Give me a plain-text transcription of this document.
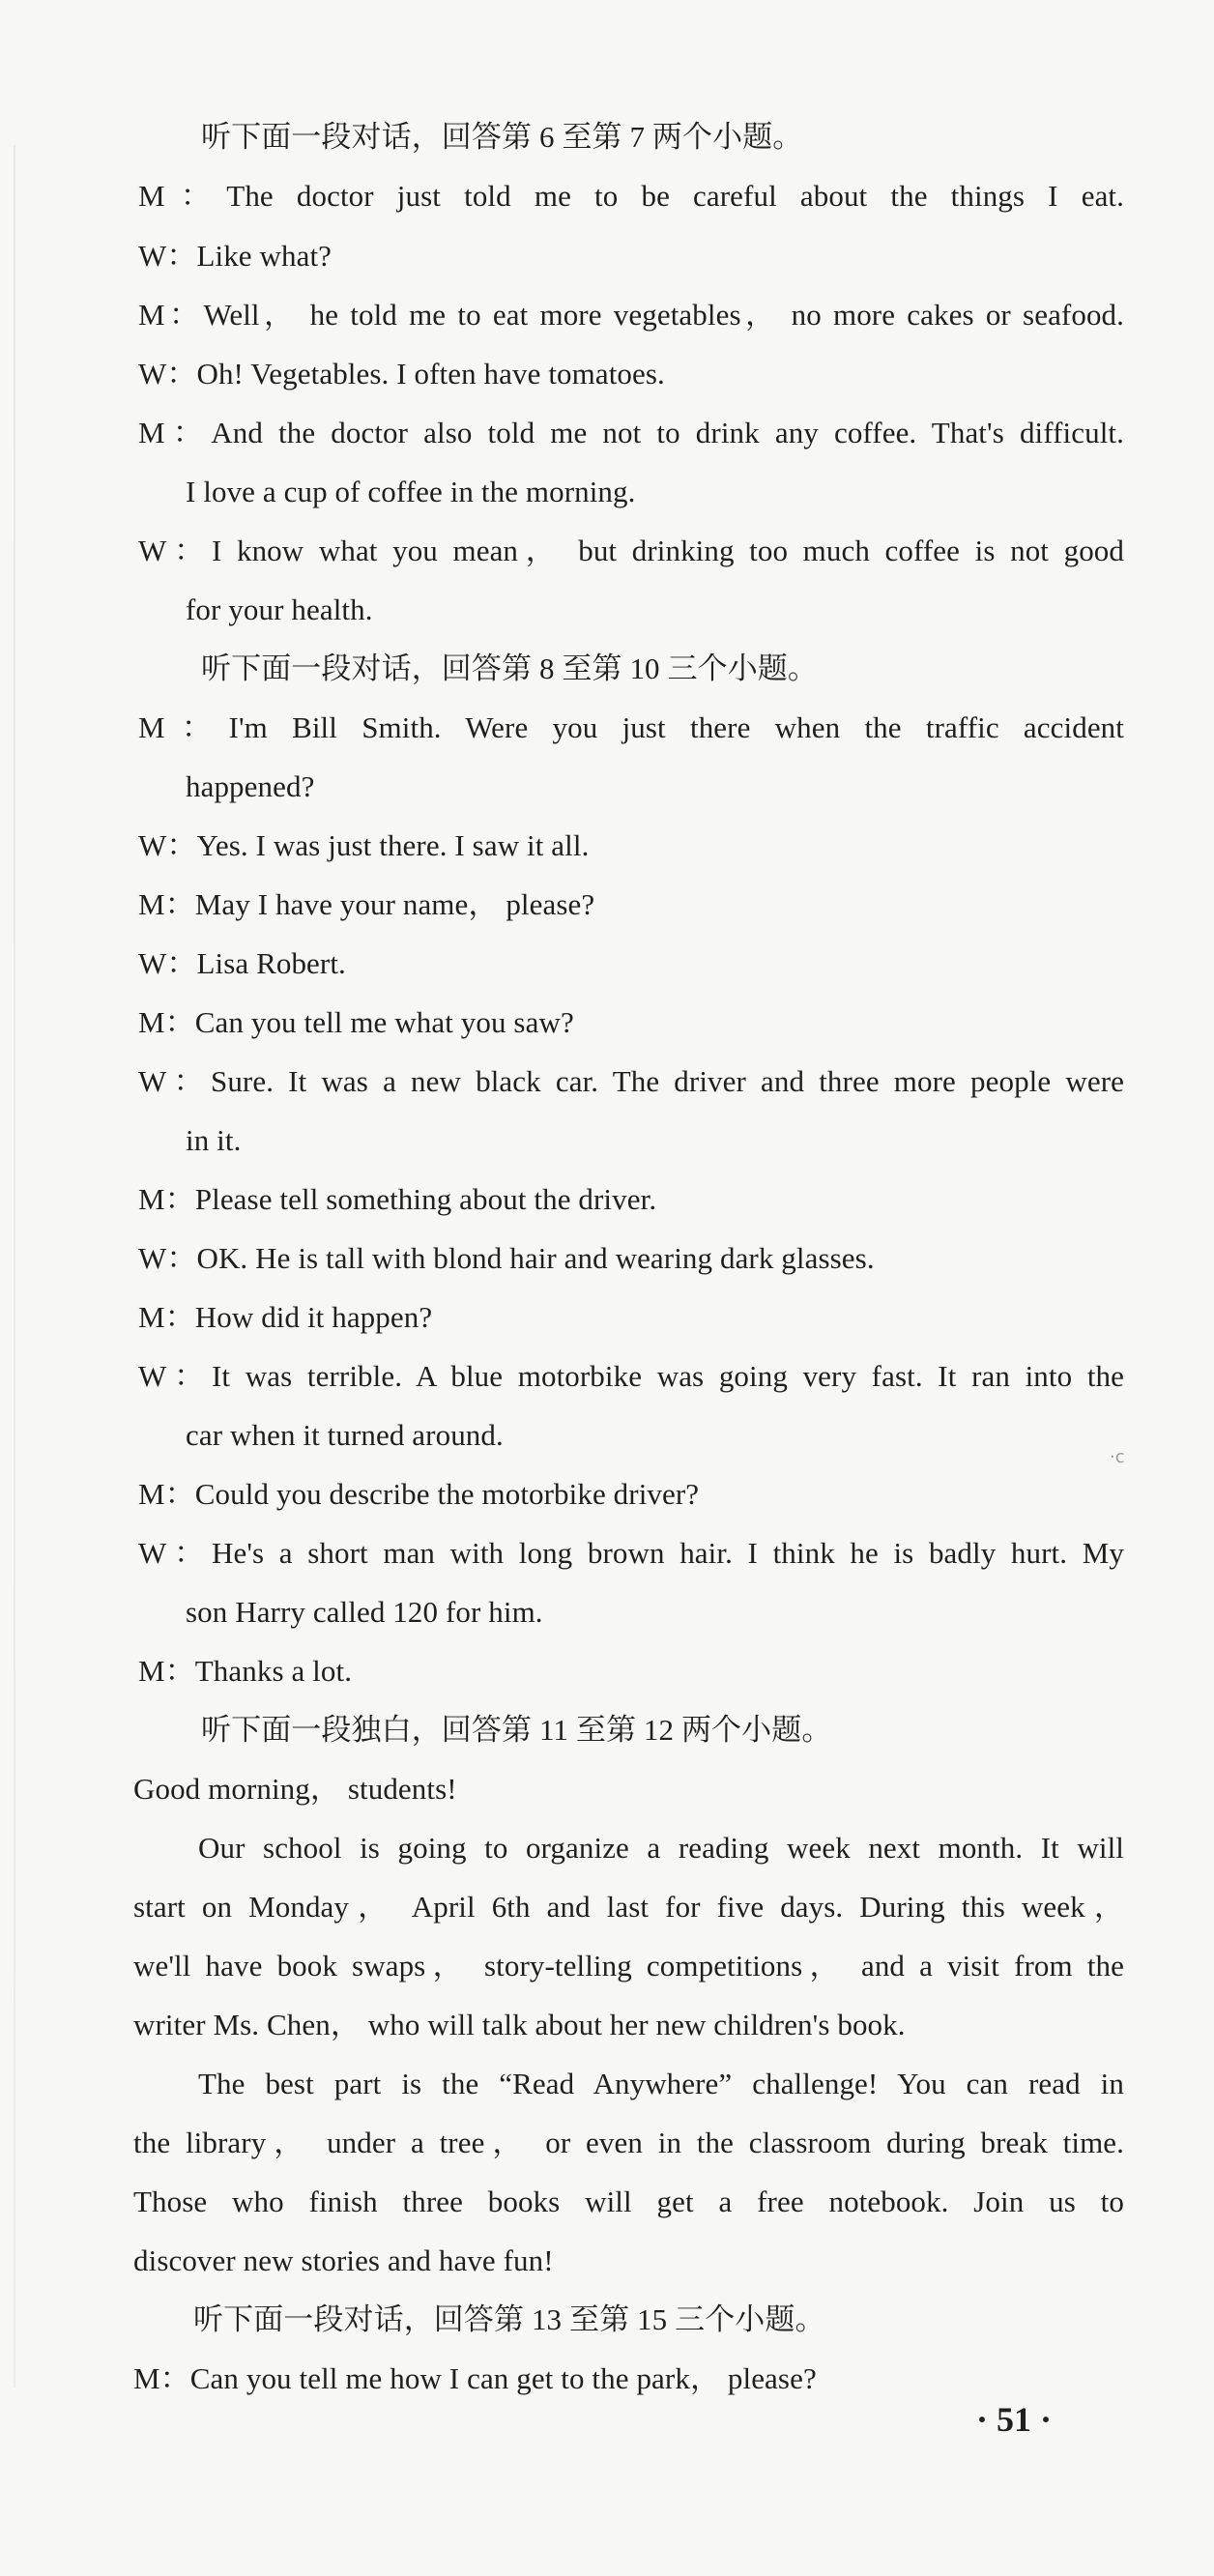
听下面一段对话，回答第 6 至第 7 两个小题。
M：The doctor just told me to be careful about the things I eat.
W：Like what?
M：Well， he told me to eat more vegetables， no more cakes or seafood.
W：Oh! Vegetables. I often have tomatoes.
M：And the doctor also told me not to drink any coffee. That's difficult.
I love a cup of coffee in the morning.
W：I know what you mean， but drinking too much coffee is not good
for your health.
听下面一段对话，回答第 8 至第 10 三个小题。
M：I'm Bill Smith. Were you just there when the traffic accident
happened?
W：Yes. I was just there. I saw it all.
M：May I have your name， please?
W：Lisa Robert.
M：Can you tell me what you saw?
W：Sure. It was a new black car. The driver and three more people were
in it.
M：Please tell something about the driver.
W：OK. He is tall with blond hair and wearing dark glasses.
M：How did it happen?
W：It was terrible. A blue motorbike was going very fast. It ran into the
car when it turned around.
M：Could you describe the motorbike driver?
W：He's a short man with long brown hair. I think he is badly hurt. My
son Harry called 120 for him.
M：Thanks a lot.
听下面一段独白，回答第 11 至第 12 两个小题。
Good morning， students!
Our school is going to organize a reading week next month. It will
start on Monday， April 6th and last for five days. During this week，
we'll have book swaps， story-telling competitions， and a visit from the
writer Ms. Chen， who will talk about her new children's book.
The best part is the “Read Anywhere” challenge! You can read in
the library， under a tree， or even in the classroom during break time.
Those who finish three books will get a free notebook. Join us to
discover new stories and have fun!
听下面一段对话，回答第 13 至第 15 三个小题。
M：Can you tell me how I can get to the park， please?
·c
· 51 ·
